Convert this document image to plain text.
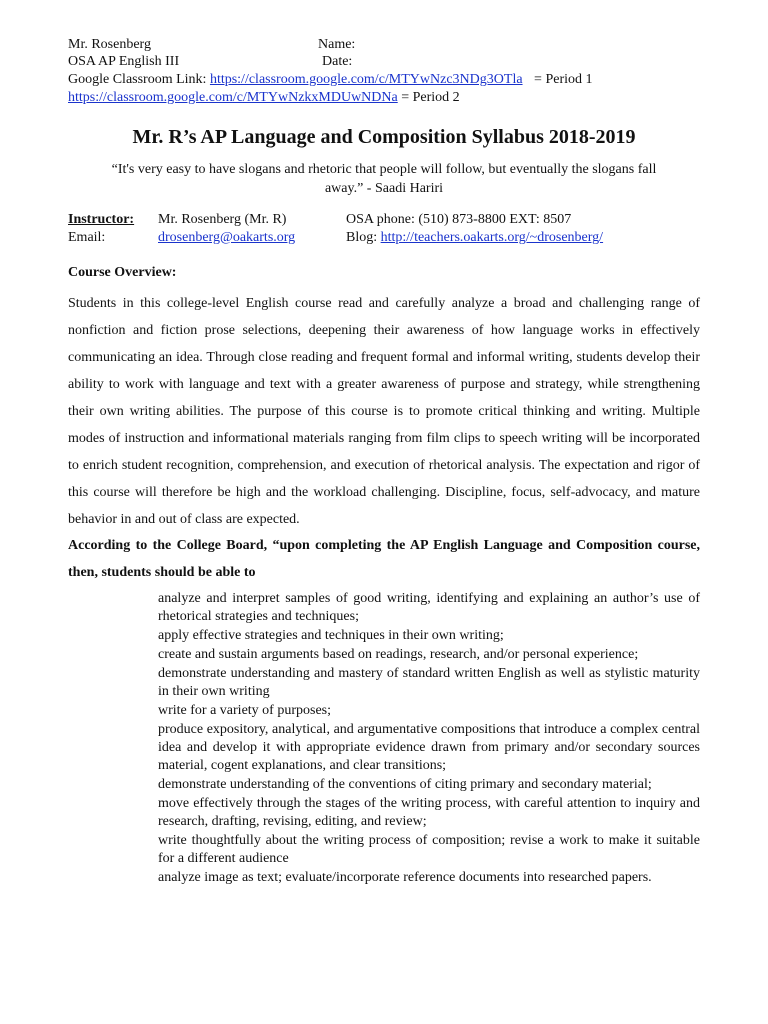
Mr. Rosenberg	Name:
OSA AP English III	Date:
Google Classroom Link: https://classroom.google.com/c/MTYwNzc3NDg3OTla = Period 1
https://classroom.google.com/c/MTYwNzkxMDUwNDNa = Period 2
Mr. R’s AP Language and Composition Syllabus 2018-2019
“It's very easy to have slogans and rhetoric that people will follow, but eventually the slogans fall away.” - Saadi Hariri
Instructor: Mr. Rosenberg (Mr. R)	OSA phone: (510) 873-8800 EXT: 8507
Email:	drosenberg@oakarts.org	Blog: http://teachers.oakarts.org/~drosenberg/
Course Overview:
Students in this college-level English course read and carefully analyze a broad and challenging range of nonfiction and fiction prose selections, deepening their awareness of how language works in effectively communicating an idea. Through close reading and frequent formal and informal writing, students develop their ability to work with language and text with a greater awareness of purpose and strategy, while strengthening their own writing abilities. The purpose of this course is to promote critical thinking and writing. Multiple modes of instruction and informational materials ranging from film clips to speech writing will be incorporated to enrich student recognition, comprehension, and execution of rhetorical analysis. The expectation and rigor of this course will therefore be high and the workload challenging. Discipline, focus, self-advocacy, and mature behavior in and out of class are expected.
According to the College Board, “upon completing the AP English Language and Composition course, then, students should be able to
analyze and interpret samples of good writing, identifying and explaining an author’s use of rhetorical strategies and techniques;
apply effective strategies and techniques in their own writing;
create and sustain arguments based on readings, research, and/or personal experience;
demonstrate understanding and mastery of standard written English as well as stylistic maturity in their own writing
write for a variety of purposes;
produce expository, analytical, and argumentative compositions that introduce a complex central idea and develop it with appropriate evidence drawn from primary and/or secondary sources material, cogent explanations, and clear transitions;
demonstrate understanding of the conventions of citing primary and secondary material;
move effectively through the stages of the writing process, with careful attention to inquiry and research, drafting, revising, editing, and review;
write thoughtfully about the writing process of composition; revise a work to make it suitable for a different audience
analyze image as text; evaluate/incorporate reference documents into researched papers.
